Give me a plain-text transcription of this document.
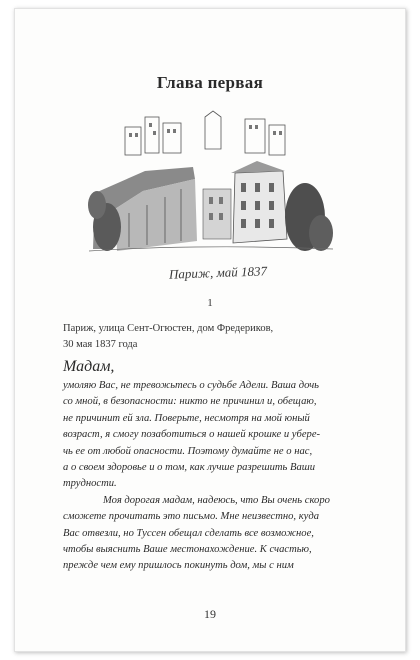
Глава первая
Париж, май 1837
1
Париж, улица Сент-Огюстен, дом Фредериков,
30 мая 1837 года
Мадам,
умоляю Вас, не тревожьтесь о судьбе Адели. Ваша дочь
со мной, в безопасности: никто не причинил и, обещаю,
не причинит ей зла. Поверьте, несмотря на мой юный
возраст, я смогу позаботиться о нашей крошке и убере-
чь ее от любой опасности. Поэтому думайте не о нас,
а о своем здоровье и о том, как лучше разрешить Ваши
трудности.
Моя дорогая мадам, надеюсь, что Вы очень скоро
сможете прочитать это письмо. Мне неизвестно, куда
Вас отвезли, но Туссен обещал сделать все возможное,
чтобы выяснить Ваше местонахождение. К счастью,
прежде чем ему пришлось покинуть дом, мы с ним
19
